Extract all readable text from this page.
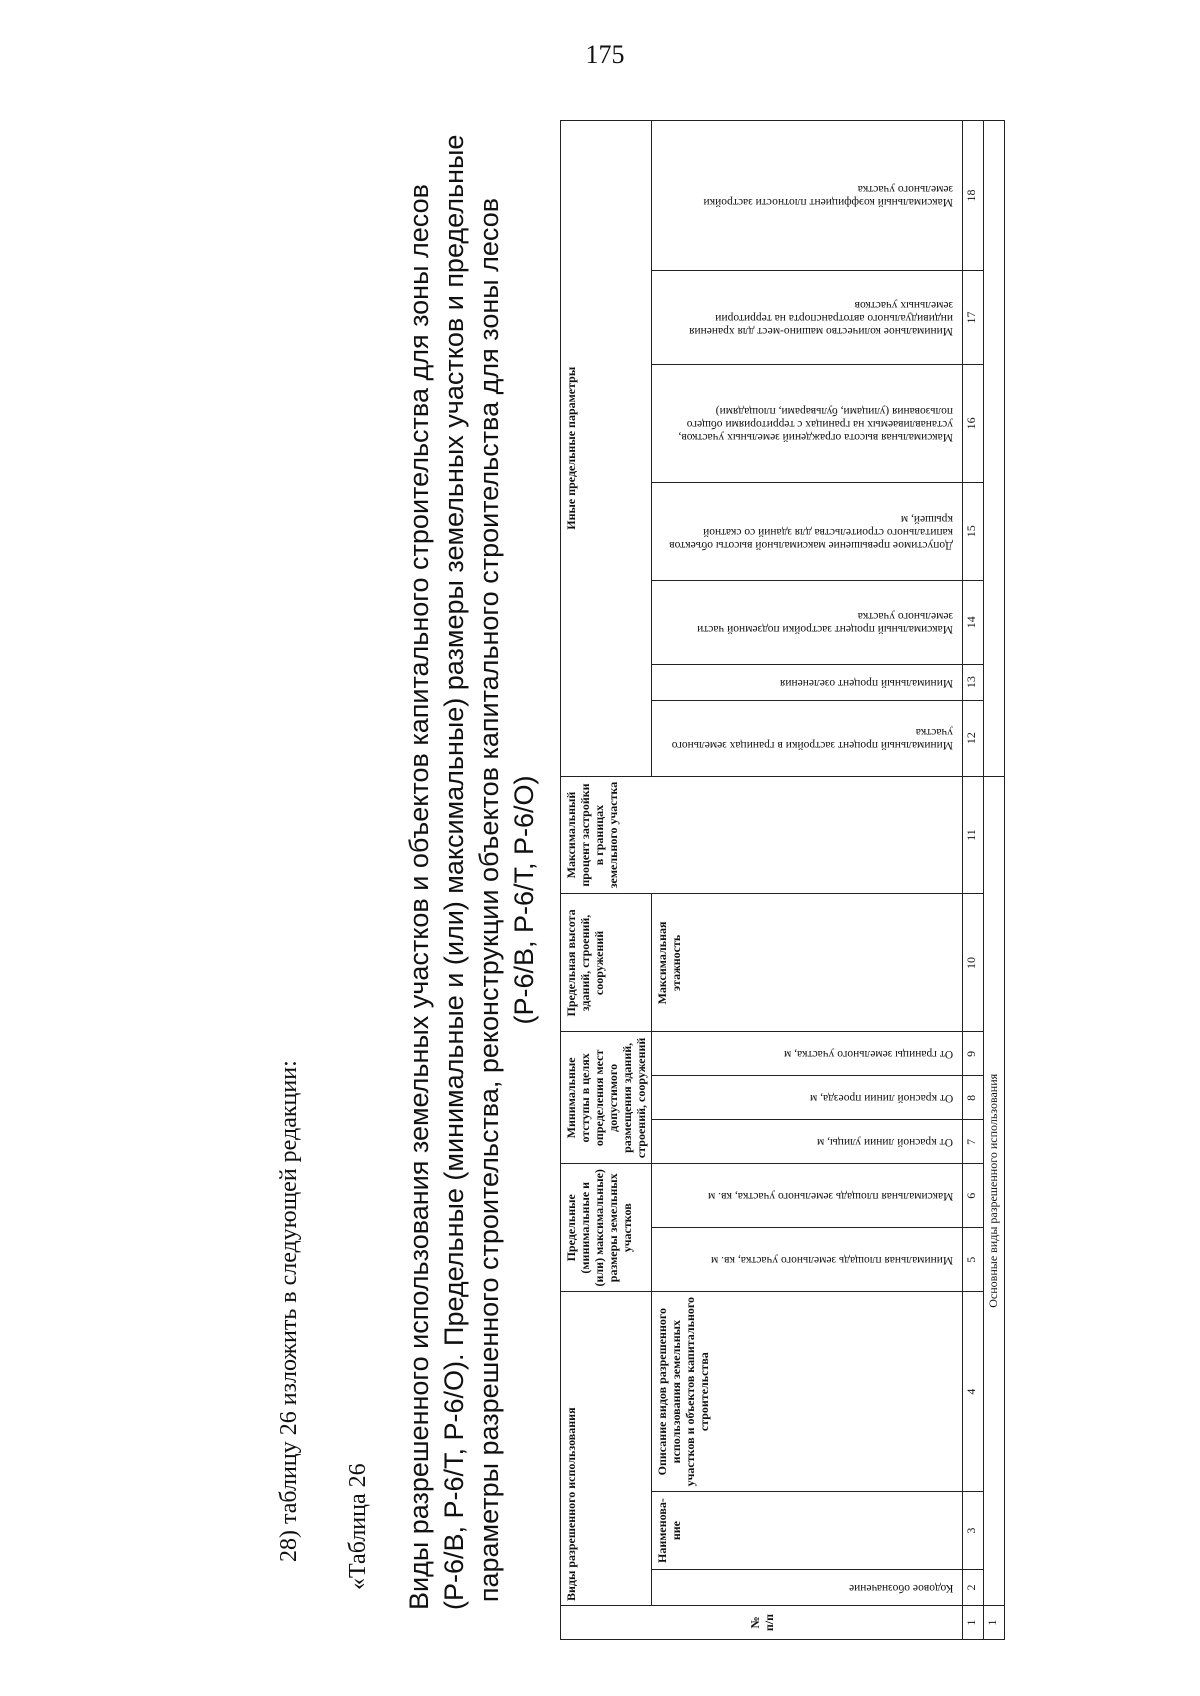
175
28) таблицу 26 изложить в следующей редакции: «Таблица 26 Виды разрешенного использования земельных участков и объектов капитального строительства для зоны лесов (Р-6/В, Р-6/Т, Р-6/О). Предельные (минимальные и (или) максимальные) размеры земельных участков и предельные параметры разрешенного строительства, реконструкции объектов капитального строительства для зоны лесов (Р-6/В, Р-6/Т, Р-6/О)
№ п/п	Виды разрешенного использования			Предельные (минимальные и (или) максимальные) размеры земельных участков		Минимальные отступы в целях определения мест допустимого размещения зданий, строений, сооружений			Предельная высота зданий, строений, сооружений	Максимальный процент застройки в границах земельного участка	Иные предельные параметры						
	Кодовое обозначение	Наименова-ние	Описание видов разрешенного использования земельных участков и объектов капитального строительства	Минимальная площадь земельного участка, кв. м	Максимальная площадь земельного участка, кв. м	От красной линии улицы, м	От красной линии проезда, м	От границы земельного участка, м	Максимальная этажность		Минимальный процент застройки в границах земельного участка	Минимальный процент озеленения	Максимальный процент застройки подземной части земельного участка	Допустимое превышение максимальной высоты объектов капитального строительства для зданий со скатной крышей, м	Максимальная высота ограждений земельных участков, устанавливаемых на границах с территориями общего пользования (улицами, бульварами, площадями)	Минимальное количество машино-мест для хранения индивидуального автотранспорта на территории земельных участков	Максимальный коэффициент плотности застройки земельного участка

1	2	3	4	5	6	7	8	9	10	11	12	13	14	15	16	17	18
1	Основные виды разрешенного использования																
